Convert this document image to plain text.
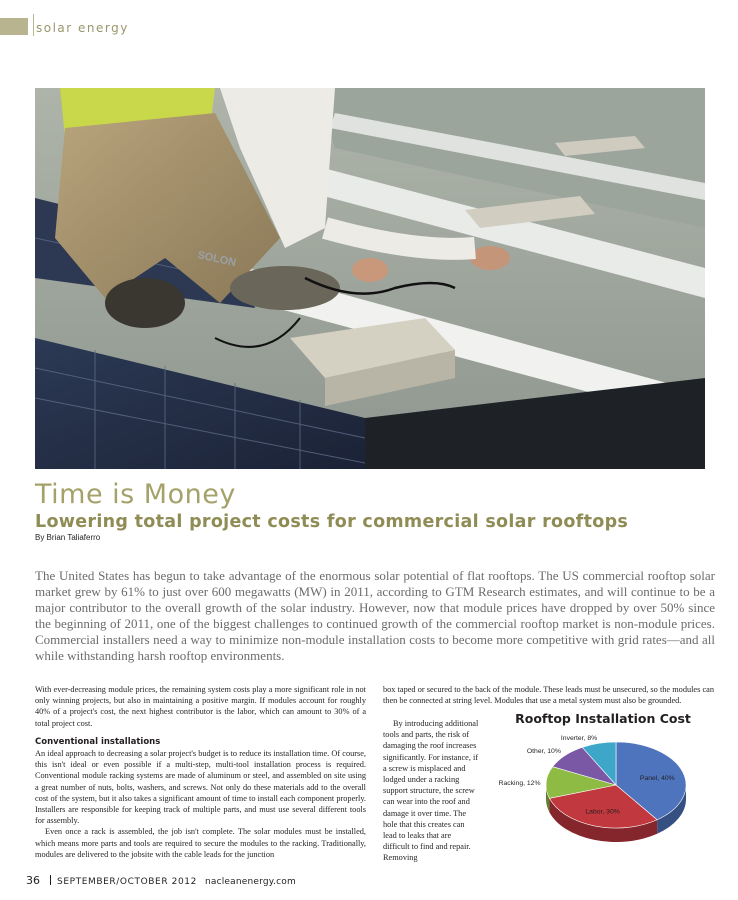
solar energy
SOLON
Time is Money
Lowering total project costs for commercial solar rooftops
By Brian Taliaferro

The United States has begun to take advantage of the enormous solar potential of flat rooftops. The US commercial rooftop solar market grew by 61% to just over 600 megawatts (MW) in 2011, according to GTM Research estimates, and will continue to be a major contributor to the overall growth of the solar industry. However, now that module prices have dropped by over 50% since the beginning of 2011, one of the biggest challenges to continued growth of the commercial rooftop market is non-module prices. Commercial installers need a way to minimize non-module installation costs to become more competitive with grid rates—and all while withstanding harsh rooftop environments.

With ever-decreasing module prices, the remaining system costs play a more significant role in not only winning projects, but also in maintaining a positive margin. If modules account for roughly 40% of a project's cost, the next highest contributor is the labor, which can amount to 30% of a total project cost.

Conventional installations

An ideal approach to decreasing a solar project's budget is to reduce its installation time. Of course, this isn't ideal or even possible if a multi-step, multi-tool installation process is required. Conventional module racking systems are made of aluminum or steel, and assembled on site using a great number of nuts, bolts, washers, and screws. Not only do these materials add to the overall cost of the system, but it also takes a significant amount of time to install each component properly. Installers are responsible for keeping track of multiple parts, and must use several different tools for assembly.

Even once a rack is assembled, the job isn't complete. The solar modules must be installed, which means more parts and tools are required to secure the modules to the racking. Traditionally, modules are delivered to the jobsite with the cable leads for the junction

box taped or secured to the back of the module. These leads must be unsecured, so the modules can then be connected at string level. Modules that use a metal system must also be grounded.

By introducing additional tools and parts, the risk of damaging the roof increases significantly. For instance, if a screw is misplaced and lodged under a racking support structure, the screw can wear into the roof and damage it over time. The hole that this creates can lead to leaks that are difficult to find and repair. Removing

Rooftop Installation Cost
Panel, 40%
Labor, 30%
Racking, 12%
Other, 10%
Inverter, 8%
36 SEPTEMBER/OCTOBER 2012 nacleanenergy.com
